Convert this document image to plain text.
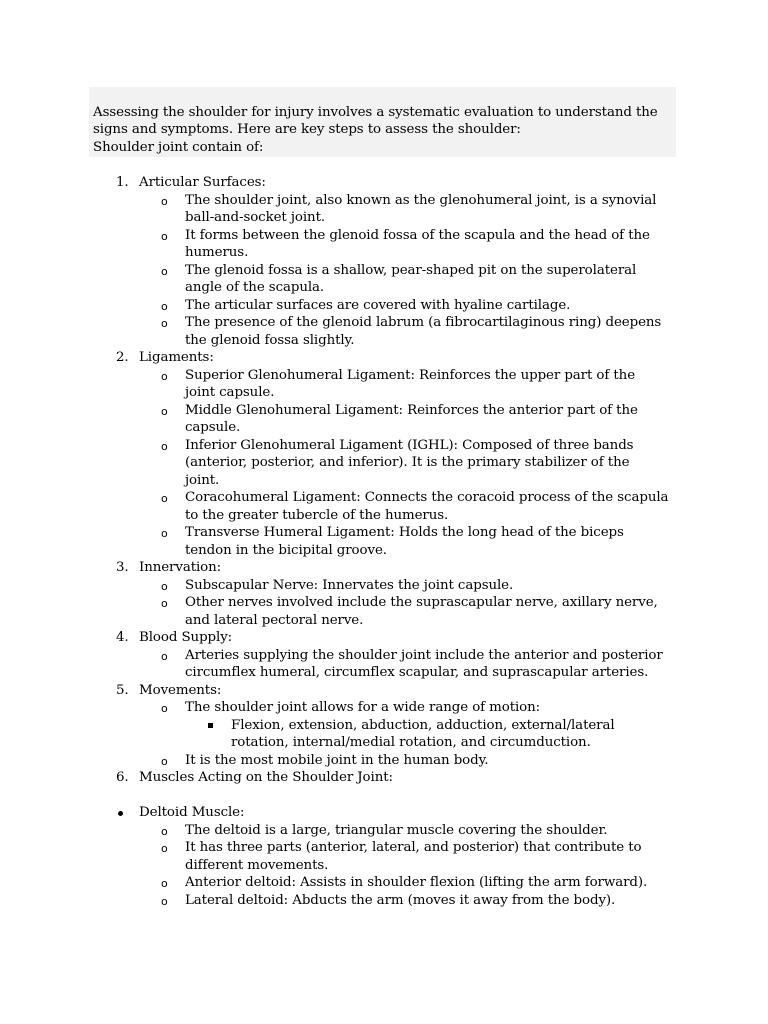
Assessing the shoulder for injury involves a systematic evaluation to understand the

signs and symptoms. Here are key steps to assess the shoulder:

Shoulder joint contain of:

1. Articular Surfaces:
o The shoulder joint, also known as the glenohumeral joint, is a synovial
ball-and-socket joint.
o It forms between the glenoid fossa of the scapula and the head of the
humerus.
o The glenoid fossa is a shallow, pear-shaped pit on the superolateral
angle of the scapula.
o The articular surfaces are covered with hyaline cartilage.
o The presence of the glenoid labrum (a fibrocartilaginous ring) deepens
the glenoid fossa slightly.
2. Ligaments:
o Superior Glenohumeral Ligament: Reinforces the upper part of the
joint capsule.
o Middle Glenohumeral Ligament: Reinforces the anterior part of the
capsule.
o Inferior Glenohumeral Ligament (IGHL): Composed of three bands
(anterior, posterior, and inferior). It is the primary stabilizer of the
joint.
o Coracohumeral Ligament: Connects the coracoid process of the scapula
to the greater tubercle of the humerus.
o Transverse Humeral Ligament: Holds the long head of the biceps
tendon in the bicipital groove.
3. Innervation:
o Subscapular Nerve: Innervates the joint capsule.
o Other nerves involved include the suprascapular nerve, axillary nerve,
and lateral pectoral nerve.
4. Blood Supply:
o Arteries supplying the shoulder joint include the anterior and posterior
circumflex humeral, circumflex scapular, and suprascapular arteries.
5. Movements:
o The shoulder joint allows for a wide range of motion:
Flexion, extension, abduction, adduction, external/lateral
rotation, internal/medial rotation, and circumduction.
o It is the most mobile joint in the human body.
6. Muscles Acting on the Shoulder Joint:
Deltoid Muscle:
o The deltoid is a large, triangular muscle covering the shoulder.
o It has three parts (anterior, lateral, and posterior) that contribute to
different movements.
o Anterior deltoid: Assists in shoulder flexion (lifting the arm forward).
o Lateral deltoid: Abducts the arm (moves it away from the body).
